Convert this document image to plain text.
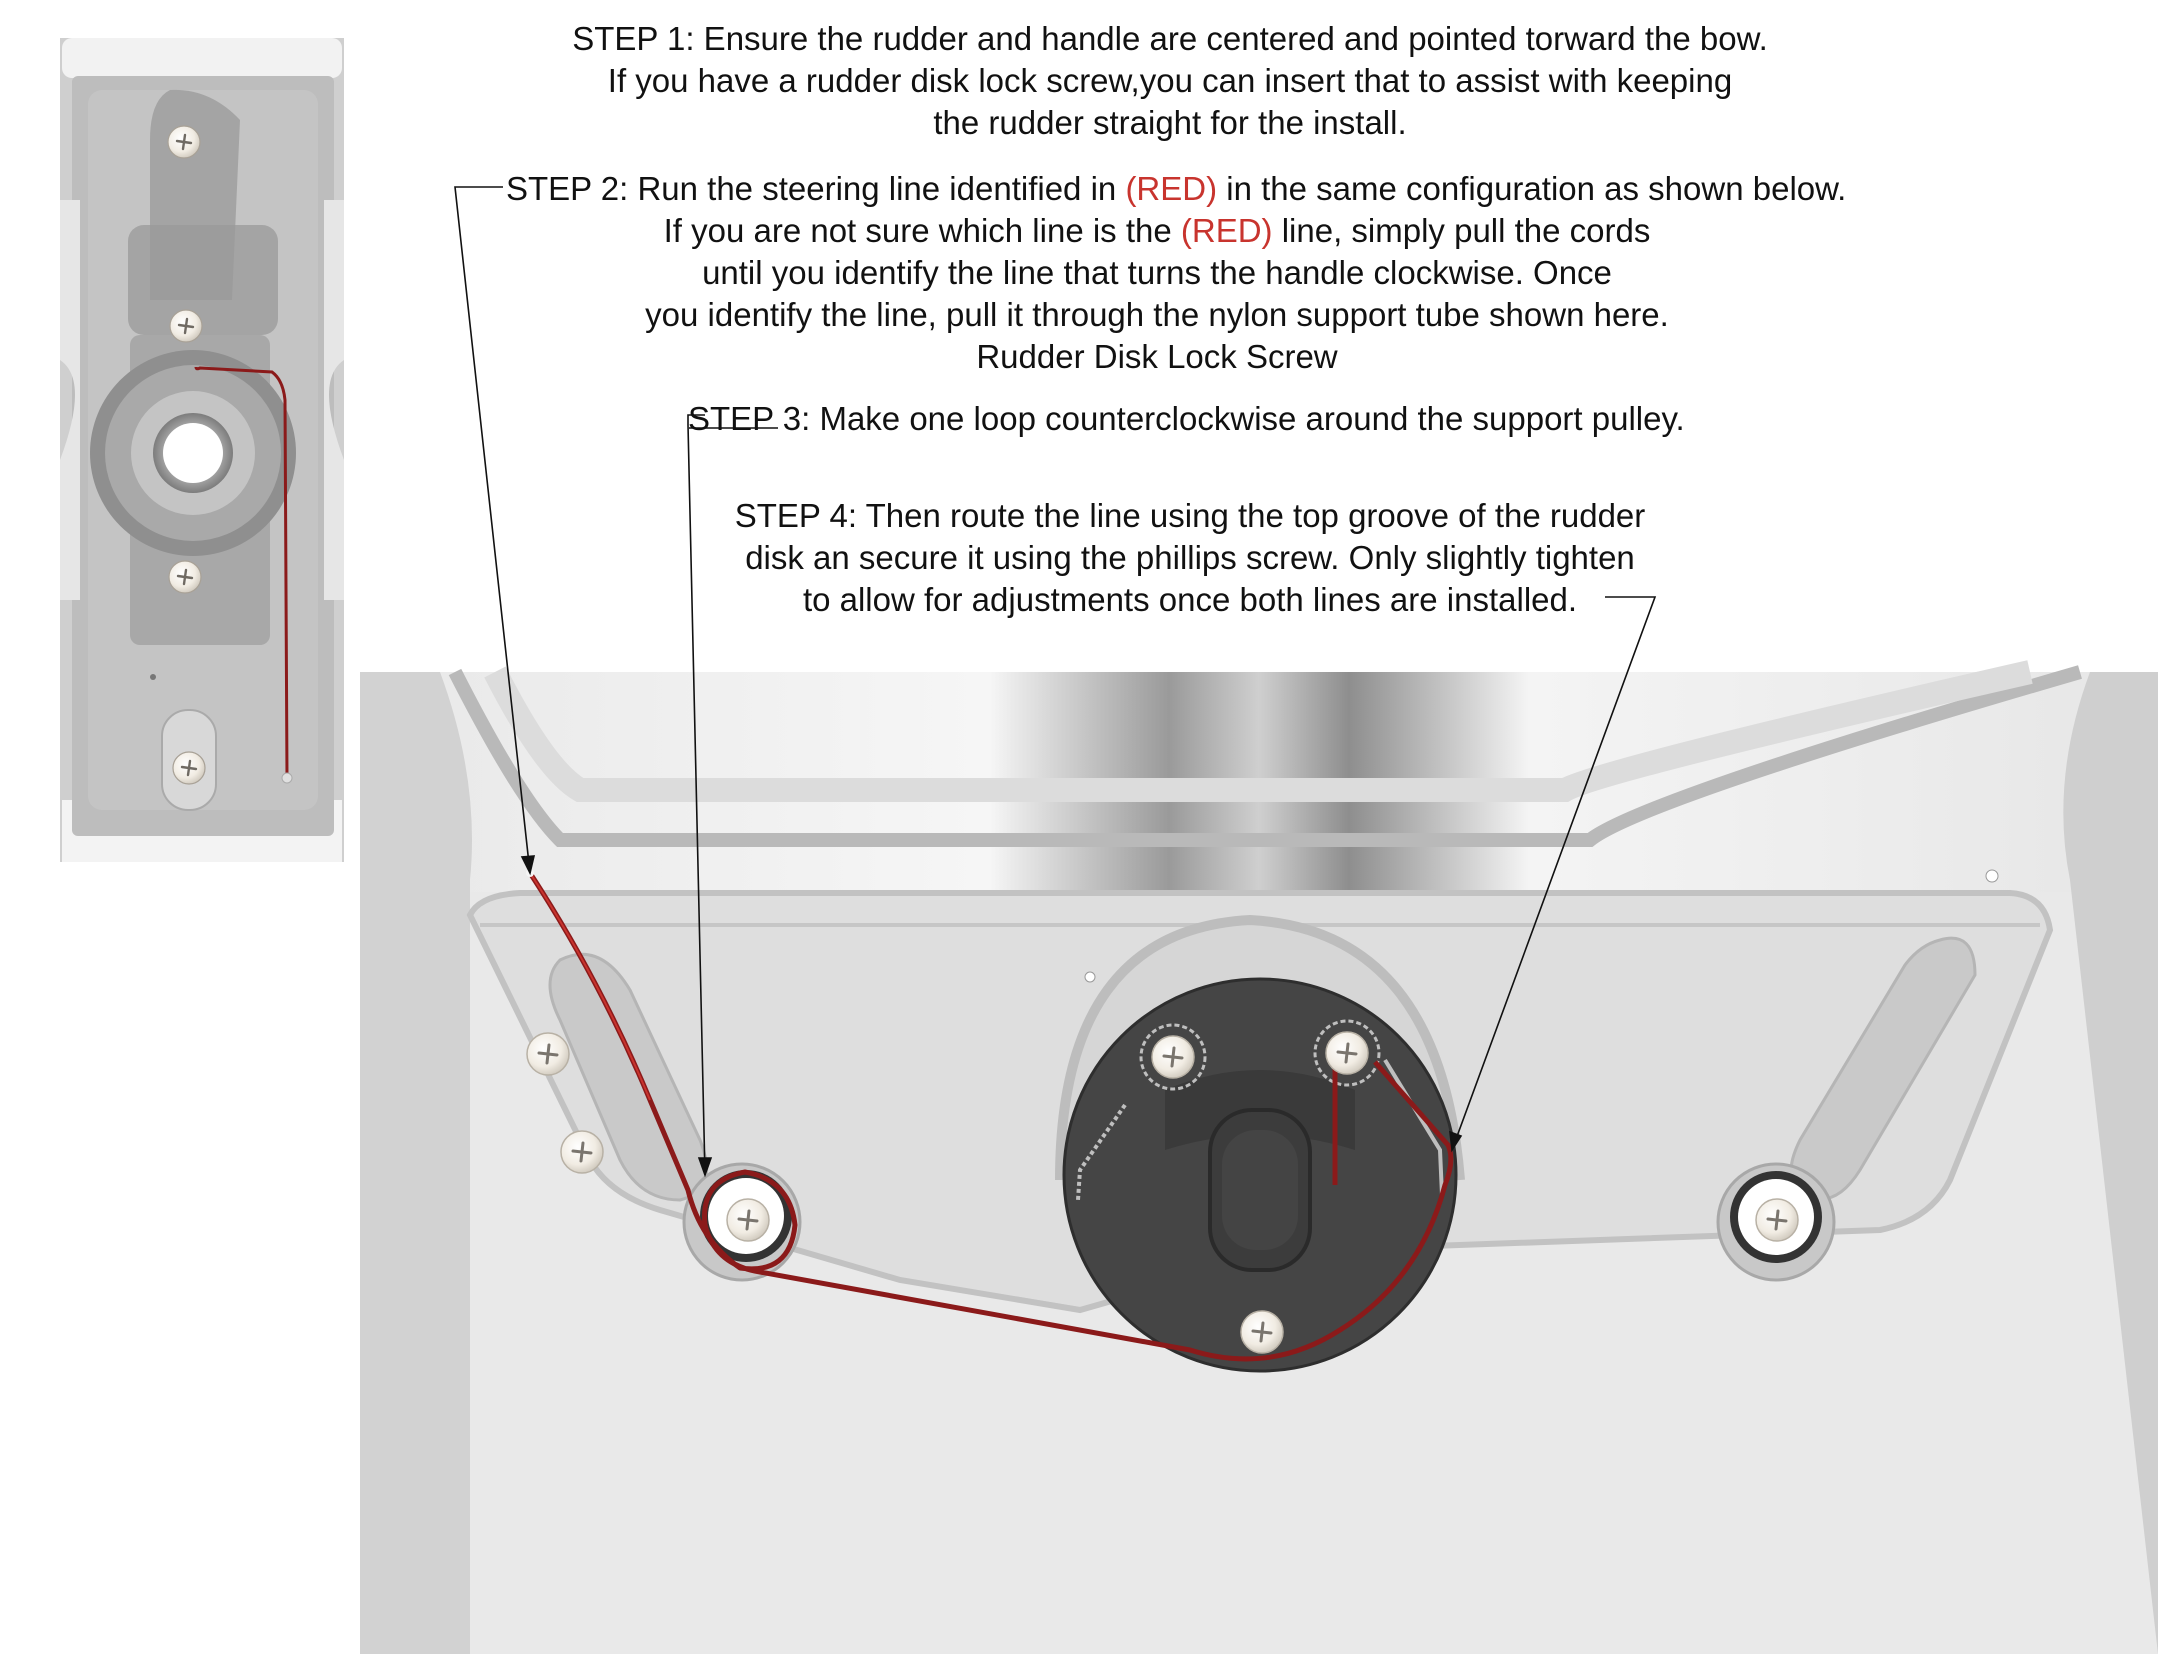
STEP 1: Ensure the rudder and handle are centered and pointed torward the bow.
If you have a rudder disk lock screw,you can insert that to assist with keeping
the rudder straight for the install.
STEP 2: Run the steering line identified in (RED) in the same configuration as shown below.
If you are not sure which line is the (RED) line, simply pull the cords
until you identify the line that turns the handle clockwise. Once
you identify the line, pull it through the nylon support tube shown here.
Rudder Disk Lock Screw
STEP 3: Make one loop counterclockwise around the support pulley.
STEP 4: Then route the line using the top groove of the rudder
disk an secure it using the phillips screw. Only slightly tighten
to allow for adjustments once both lines are installed.
